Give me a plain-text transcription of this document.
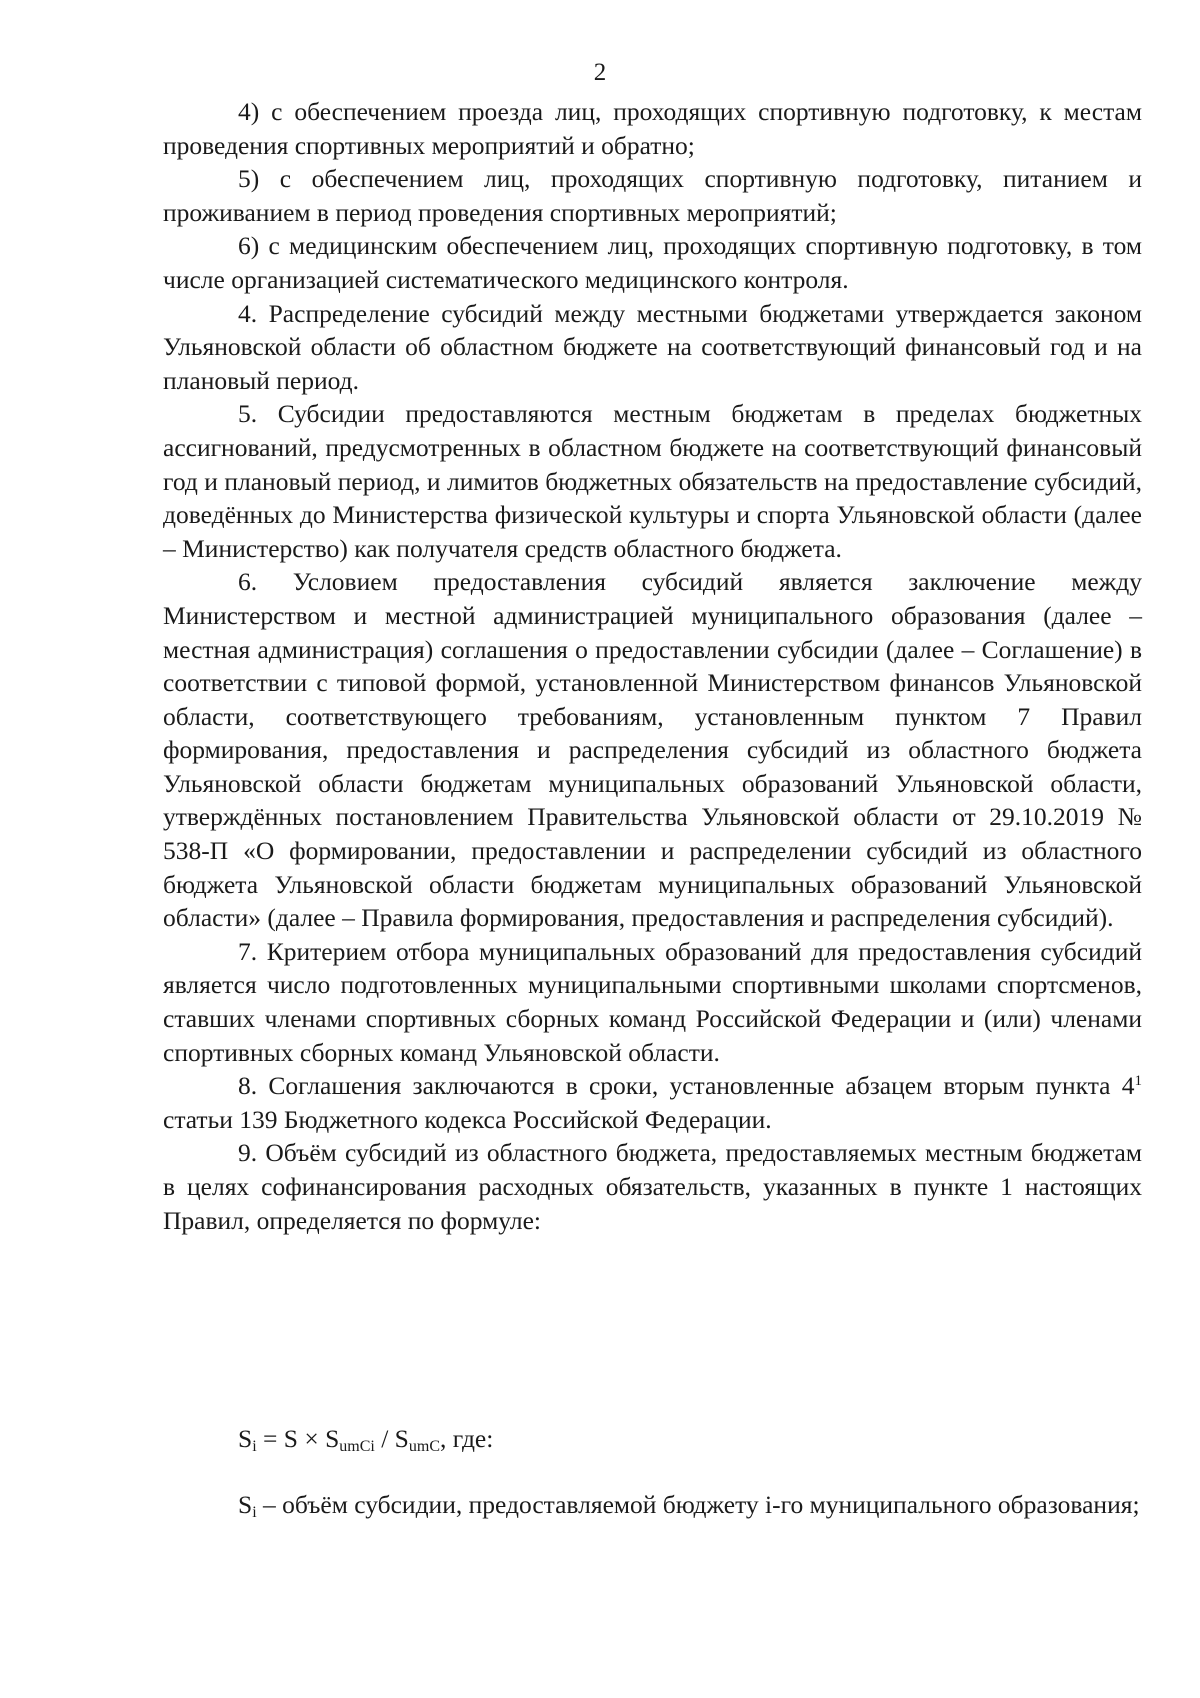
2

4) с обеспечением проезда лиц, проходящих спортивную подготовку, к местам проведения спортивных мероприятий и обратно;

5) с обеспечением лиц, проходящих спортивную подготовку, питанием и проживанием в период проведения спортивных мероприятий;

6) с медицинским обеспечением лиц, проходящих спортивную подготовку, в том числе организацией систематического медицинского контроля.

4. Распределение субсидий между местными бюджетами утверждается законом Ульяновской области об областном бюджете на соответствующий финансовый год и на плановый период.

5. Субсидии предоставляются местным бюджетам в пределах бюджетных ассигнований, предусмотренных в областном бюджете на соответствующий финансовый год и плановый период, и лимитов бюджетных обязательств на предоставление субсидий, доведённых до Министерства физической культуры и спорта Ульяновской области (далее – Министерство) как получателя средств областного бюджета.

6. Условием предоставления субсидий является заключение между Министерством и местной администрацией муниципального образования (далее – местная администрация) соглашения о предоставлении субсидии (далее – Соглашение) в соответствии с типовой формой, установленной Министерством финансов Ульяновской области, соответствующего требованиям, установленным пунктом 7 Правил формирования, предоставления и распределения субсидий из областного бюджета Ульяновской области бюджетам муниципальных образований Ульяновской области, утверждённых постановлением Правительства Ульяновской области от 29.10.2019 № 538-П «О формировании, предоставлении и распределении субсидий из областного бюджета Ульяновской области бюджетам муниципальных образований Ульяновской области» (далее – Правила формирования, предоставления и распределения субсидий).

7. Критерием отбора муниципальных образований для предоставления субсидий является число подготовленных муниципальными спортивными школами спортсменов, ставших членами спортивных сборных команд Российской Федерации и (или) членами спортивных сборных команд Ульяновской области.

8. Соглашения заключаются в сроки, установленные абзацем вторым пункта $4^1$ статьи 139 Бюджетного кодекса Российской Федерации.

9. Объём субсидий из областного бюджета, предоставляемых местным бюджетам в целях софинансирования расходных обязательств, указанных в пункте 1 настоящих Правил, определяется по формуле:

$S_i = S \times S_{umCi} / S_{umC}$, где:

$S_i$ – объём субсидии, предоставляемой бюджету i-го муниципального образования;
